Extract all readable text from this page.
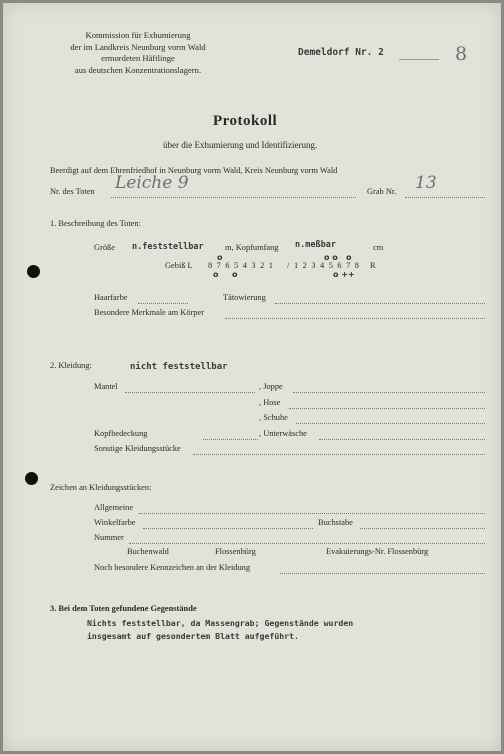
Kommission für Exhumierung
der im Landkreis Neunburg vorm Wald
ermordeten Häftlinge
aus deutschen Konzentrationslagern.
Demeldorf Nr. 2	8
Protokoll
über die Exhumierung und Identifizierung.
Beerdigt auf dem Ehrenfriedhof in Neunburg vorm Wald, Kreis Neunburg vorm Wald
Nr. des Toten Leiche 9	Grab Nr. 13
1. Beschreibung des Toten:
Größe n.feststellbar	m, Kopfumfang n.meßbar	cm
Gebiß L 8 7 6 5 4 3 2 1 / 1 2 3 4 5 6 7 8 R
o	o o o
o o	o ++
Haarfarbe	Tätowierung
Besondere Merkmale am Körper
2. Kleidung:	nicht feststellbar
Mantel	, Joppe
, Hose
, Schuhe
Kopfbedeckung	, Unterwäsche
Sonstige Kleidungsstücke
Zeichen an Kleidungsstücken:
Allgemeine
Winkelfarbe	Buchstabe
Nummer
Buchenwald	Flossenbürg	Evakuierungs-Nr. Flossenbürg
Noch besondere Kennzeichen an der Kleidung
3. Bei dem Toten gefundene Gegenstände
Nichts feststellbar, da Massengrab; Gegenstände wurden
insgesamt auf gesondertem Blatt aufgeführt.
